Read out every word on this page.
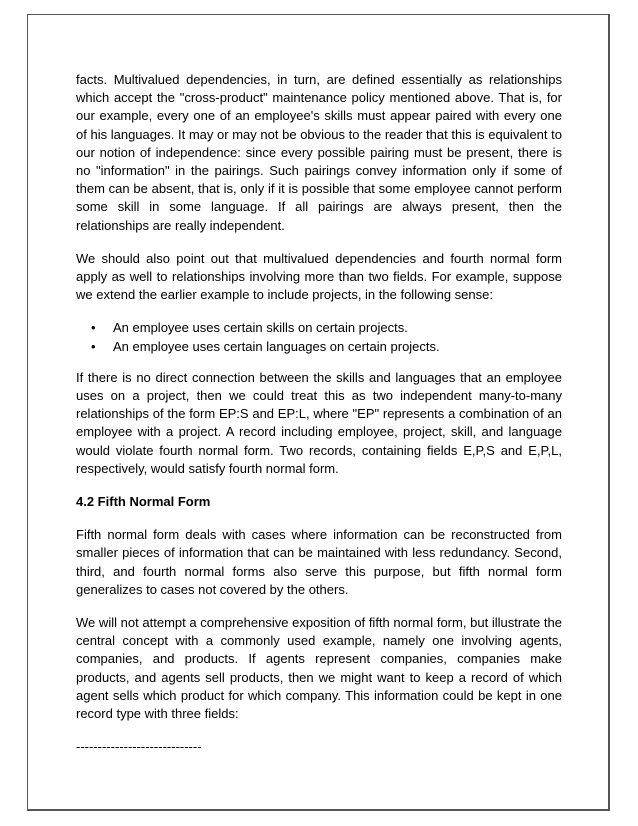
facts. Multivalued dependencies, in turn, are defined essentially as relationships which accept the "cross-product" maintenance policy mentioned above. That is, for our example, every one of an employee's skills must appear paired with every one of his languages. It may or may not be obvious to the reader that this is equivalent to our notion of independence: since every possible pairing must be present, there is no "information" in the pairings. Such pairings convey information only if some of them can be absent, that is, only if it is possible that some employee cannot perform some skill in some language. If all pairings are always present, then the relationships are really independent.

We should also point out that multivalued dependencies and fourth normal form apply as well to relationships involving more than two fields. For example, suppose we extend the earlier example to include projects, in the following sense:

• An employee uses certain skills on certain projects.
• An employee uses certain languages on certain projects.

If there is no direct connection between the skills and languages that an employee uses on a project, then we could treat this as two independent many-to-many relationships of the form EP:S and EP:L, where "EP" represents a combination of an employee with a project. A record including employee, project, skill, and language would violate fourth normal form. Two records, containing fields E,P,S and E,P,L, respectively, would satisfy fourth normal form.

4.2 Fifth Normal Form

Fifth normal form deals with cases where information can be reconstructed from smaller pieces of information that can be maintained with less redundancy. Second, third, and fourth normal forms also serve this purpose, but fifth normal form generalizes to cases not covered by the others.

We will not attempt a comprehensive exposition of fifth normal form, but illustrate the central concept with a commonly used example, namely one involving agents, companies, and products. If agents represent companies, companies make products, and agents sell products, then we might want to keep a record of which agent sells which product for which company. This information could be kept in one record type with three fields:

-----------------------------
